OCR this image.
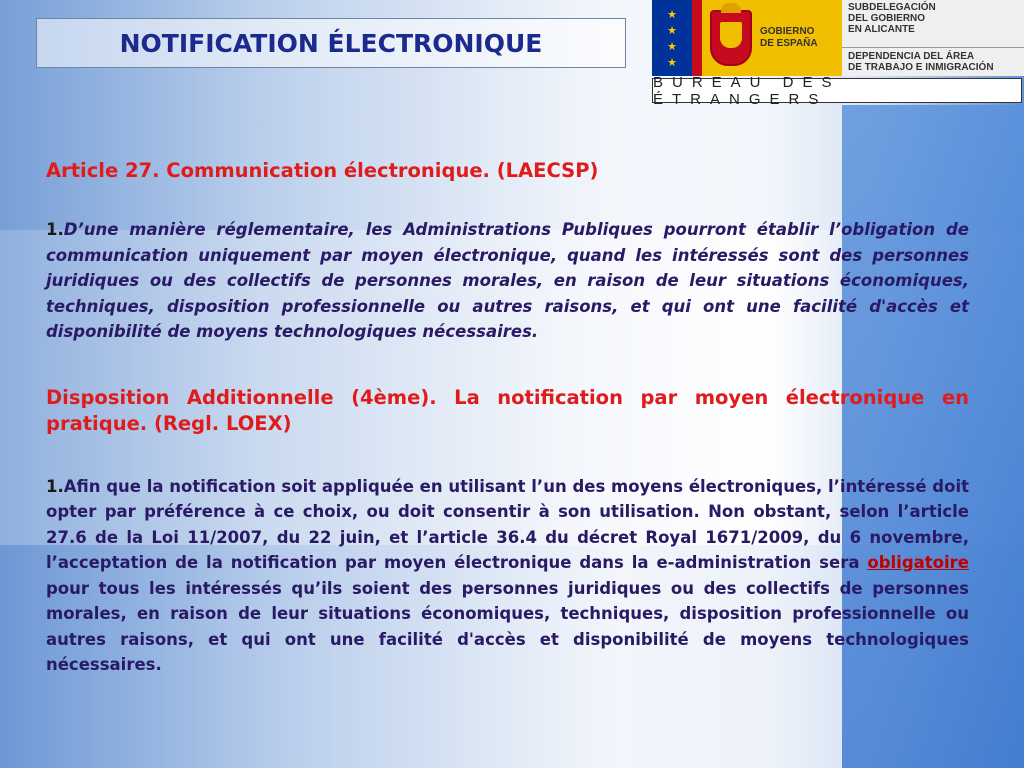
NOTIFICATION ÉLECTRONIQUE
★
★
★
★
GOBIERNO
DE ESPAÑA
SUBDELEGACIÓN
DEL GOBIERNO
EN ALICANTE
DEPENDENCIA DEL ÁREA
DE TRABAJO E INMIGRACIÓN
BUREAU DES ÉTRANGERS

Article 27. Communication électronique. (LAECSP)

1.D’une manière réglementaire, les Administrations Publiques pourront établir l’obligation de communication uniquement par moyen électronique, quand les intéressés sont des personnes juridiques ou des collectifs de personnes morales, en raison de leur situations économiques, techniques, disposition professionnelle ou autres raisons, et qui ont une facilité d'accès et disponibilité de moyens technologiques nécessaires.

Disposition Additionnelle (4ème). La notification par moyen électronique en pratique. (Regl. LOEX)

1.Afin que la notification soit appliquée en utilisant l’un des moyens électroniques, l’intéressé doit opter par préférence à ce choix, ou doit consentir à son utilisation. Non obstant, selon l’article 27.6 de la Loi 11/2007, du 22 juin, et l’article 36.4 du décret Royal 1671/2009, du 6 novembre, l’acceptation de la notification par moyen électronique dans la e-administration sera obligatoire pour tous les intéressés qu’ils soient des personnes juridiques ou des collectifs de personnes morales, en raison de leur situations économiques, techniques, disposition professionnelle ou autres raisons, et qui ont une facilité d'accès et disponibilité de moyens technologiques nécessaires.
